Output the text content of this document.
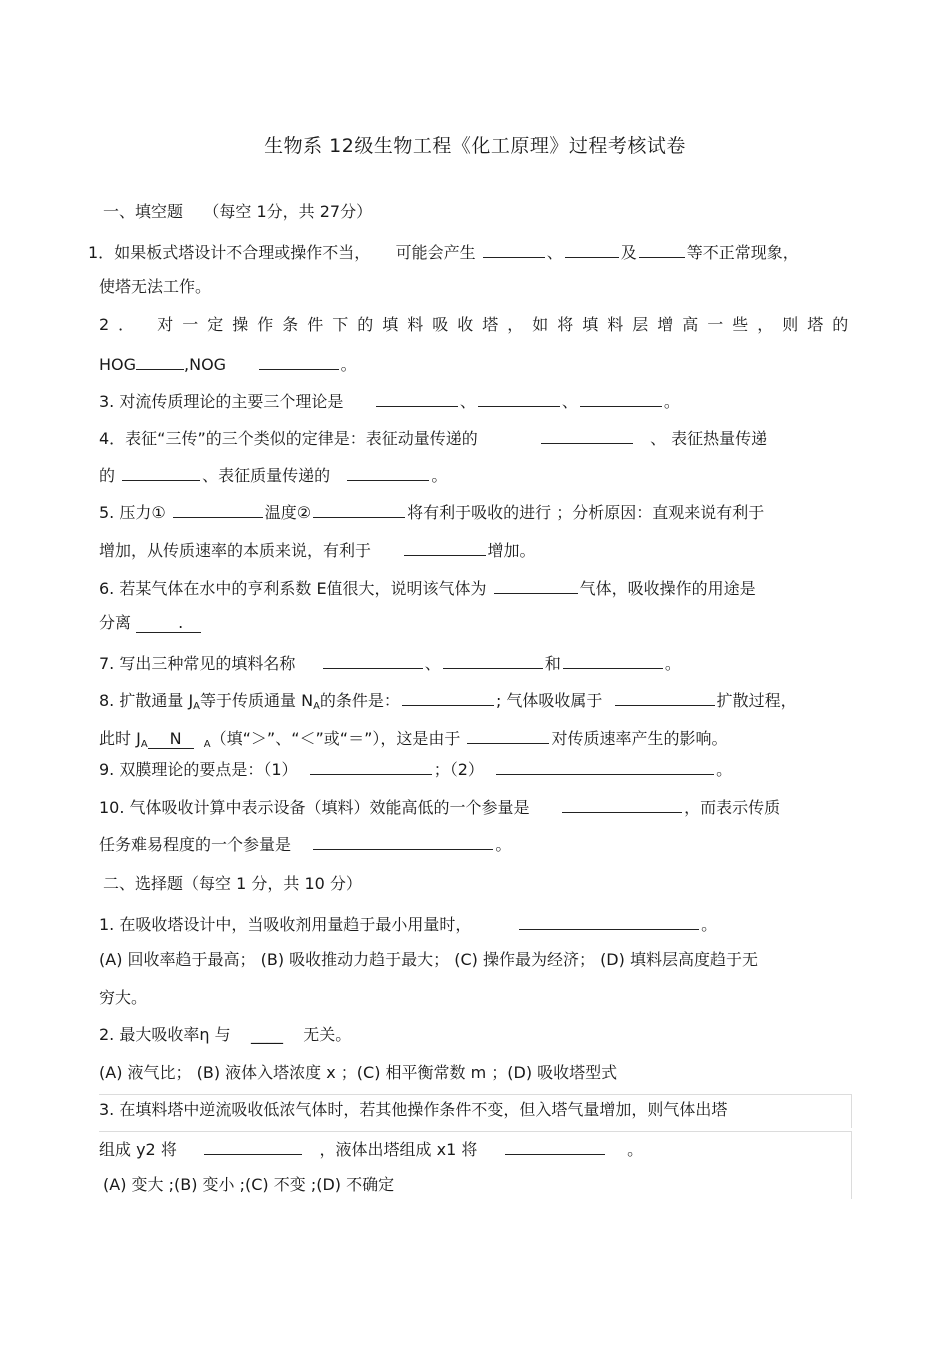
生物系 12级生物工程《化工原理》过程考核试卷
一、填空题 （每空 1分，共 27分）
1．如果板式塔设计不合理或操作不当， 可能会产生	、	及	等不正常现象，
使塔无法工作。
2． 对一定操作条件下的填料吸收塔，如将填料层增高一些，则塔的
HOG	,NOG	。
3. 对流传质理论的主要三个理论是	、	、	。
4．表征“三传”的三个类似的定律是：表征动量传递的	、 表征热量传递
的	、表征质量传递的	。
5. 压力①	温度②	将有利于吸收的进行 ；分析原因：直观来说有利于
增加，从传质速率的本质来说，有利于	增加。
6. 若某气体在水中的亨利系数 E值很大，说明该气体为	气体，吸收操作的用途是
分离	.
7. 写出三种常见的填料名称	、	和	。
8. 扩散通量 $J_A$等于传质通量 $N_A$的条件是：	; 气体吸收属于	扩散过程，
此时 $J_A$ N $_A$（填“＞”、“＜”或“＝”），这是由于	对传质速率产生的影响。
9. 双膜理论的要点是：（1）	；（2）	。
10. 气体吸收计算中表示设备（填料）效能高低的一个参量是	，而表示传质
任务难易程度的一个参量是	。
二、选择题（每空 1 分，共 10 分）
1. 在吸收塔设计中，当吸收剂用量趋于最小用量时，	。
(A) 回收率趋于最高； (B) 吸收推动力趋于最大； (C) 操作最为经济； (D) 填料层高度趋于无
穷大。
2. 最大吸收率η 与 ____ 无关。
(A) 液气比； (B) 液体入塔浓度 x ；(C) 相平衡常数 m ；(D) 吸收塔型式
3. 在填料塔中逆流吸收低浓气体时，若其他操作条件不变，但入塔气量增加，则气体出塔
组成 y2 将	，液体出塔组成 x1 将	。
(A) 变大 ;(B) 变小 ;(C) 不变 ;(D) 不确定
